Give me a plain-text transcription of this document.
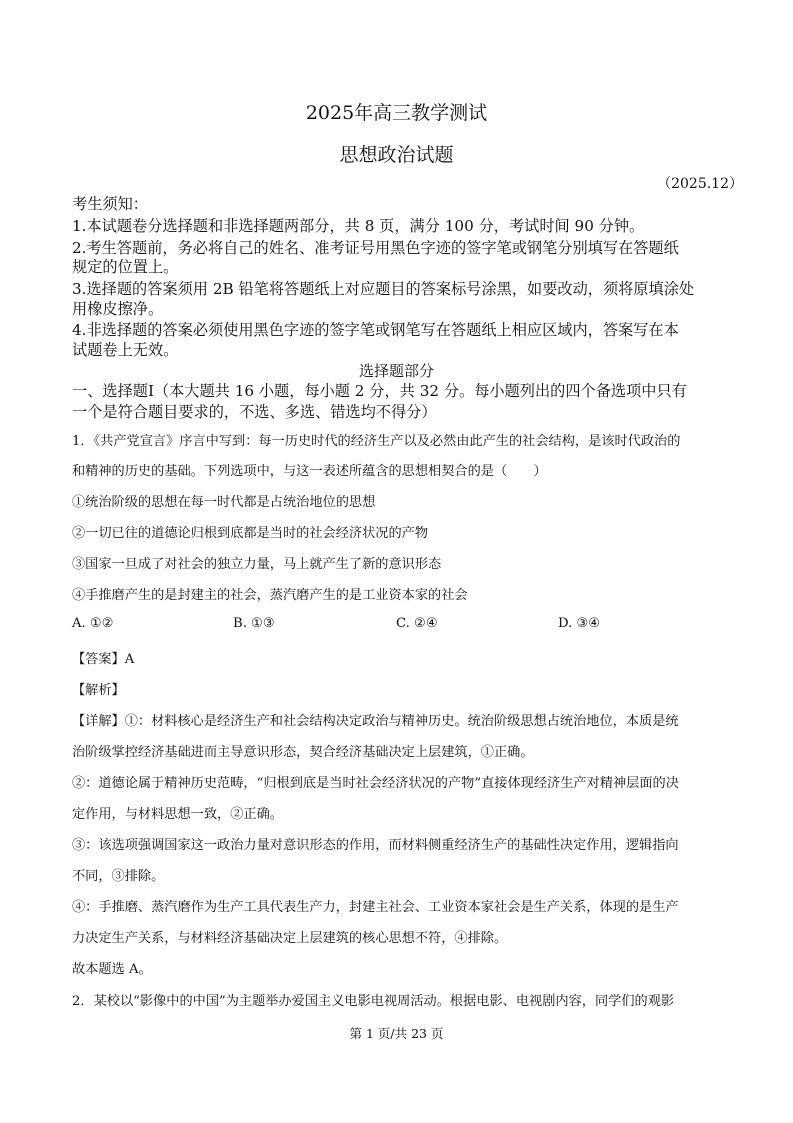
2025年高三教学测试
思想政治试题
（2025.12）
考生须知：
1.本试题卷分选择题和非选择题两部分，共 8 页，满分 100 分，考试时间 90 分钟。
2.考生答题前，务必将自己的姓名、准考证号用黑色字迹的签字笔或钢笔分别填写在答题纸
规定的位置上。
3.选择题的答案须用 2B 铅笔将答题纸上对应题目的答案标号涂黑，如要改动，须将原填涂处
用橡皮擦净。
4.非选择题的答案必须使用黑色字迹的签字笔或钢笔写在答题纸上相应区域内，答案写在本
试题卷上无效。
选择题部分
一、选择题Ⅰ（本大题共 16 小题，每小题 2 分，共 32 分。每小题列出的四个备选项中只有
一个是符合题目要求的，不选、多选、错选均不得分）
1．《共产党宣言》序言中写到：每一历史时代的经济生产以及必然由此产生的社会结构，是该时代政治的
和精神的历史的基础。下列选项中，与这一表述所蕴含的思想相契合的是（　　）
①统治阶级的思想在每一时代都是占统治地位的思想
②一切已往的道德论归根到底都是当时的社会经济状况的产物
③国家一旦成了对社会的独立力量，马上就产生了新的意识形态
④手推磨产生的是封建主的社会，蒸汽磨产生的是工业资本家的社会
A. ①②	B. ①③	C. ②④	D. ③④
【答案】A
【解析】
【详解】①：材料核心是经济生产和社会结构决定政治与精神历史。统治阶级思想占统治地位，本质是统
治阶级掌控经济基础进而主导意识形态，契合经济基础决定上层建筑，①正确。
②：道德论属于精神历史范畴，“归根到底是当时社会经济状况的产物”直接体现经济生产对精神层面的决
定作用，与材料思想一致，②正确。
③：该选项强调国家这一政治力量对意识形态的作用，而材料侧重经济生产的基础性决定作用，逻辑指向
不同，③排除。
④：手推磨、蒸汽磨作为生产工具代表生产力，封建主社会、工业资本家社会是生产关系，体现的是生产
力决定生产关系，与材料经济基础决定上层建筑的核心思想不符，④排除。
故本题选 A。
2．某校以“影像中的中国”为主题举办爱国主义电影电视周活动。根据电影、电视剧内容，同学们的观影
第 1 页/共 23 页
